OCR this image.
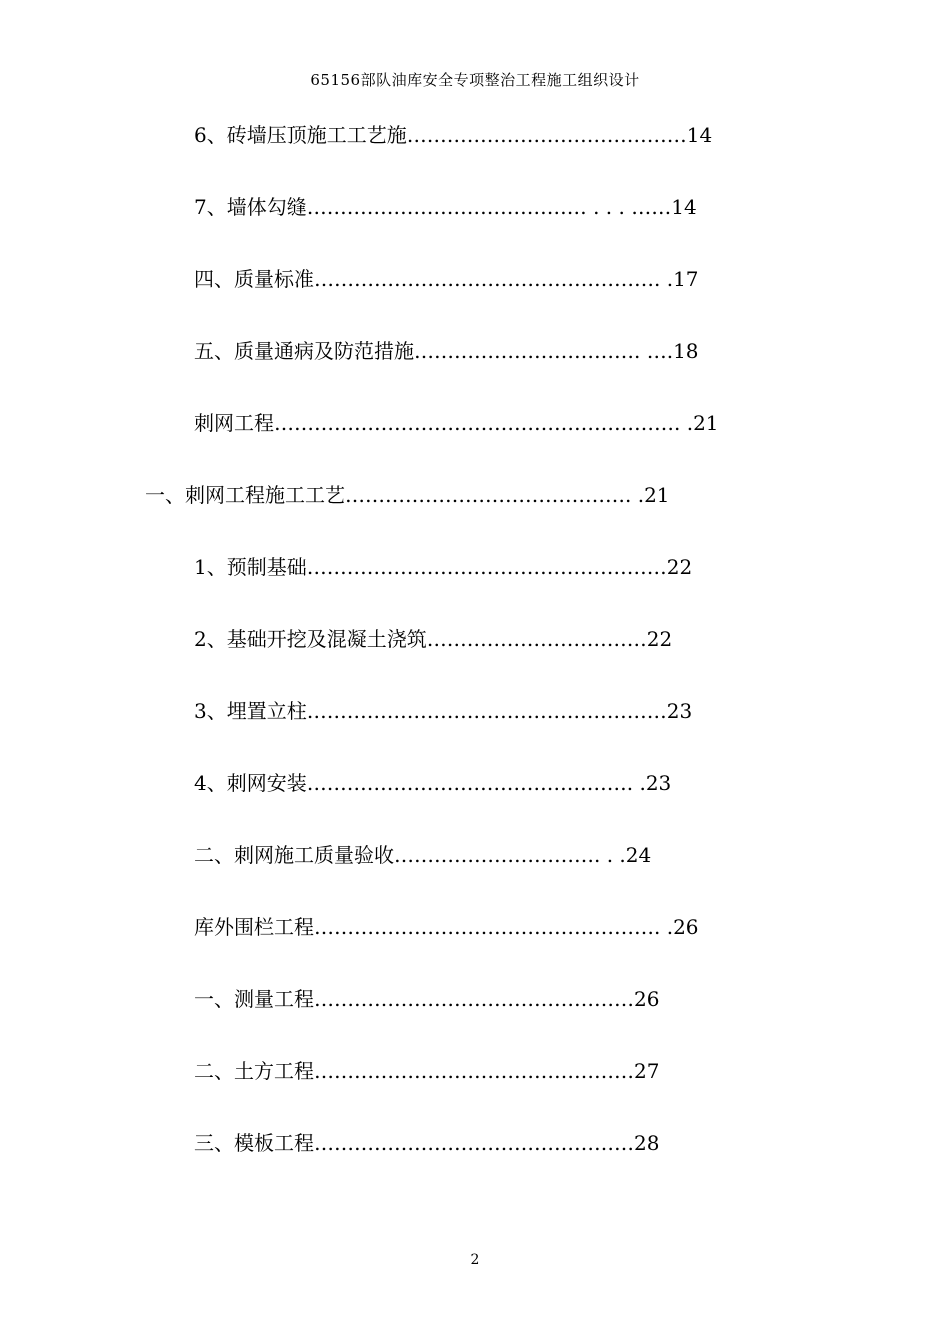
65156部队油库安全专项整治工程施工组织设计
6、砖墙压顶施工工艺施 …………………………………… 14
7、墙体勾缝 …………………………………… . . . …… 14
四、质量标准 ……………………………………………. . 17
五、质量通病及防范措施 ……………………………. …. 18
刺网工程 ……………………………………………………. . 21
一、刺网工程施工工艺 ……………………………………. . 21
1、预制基础 ……………………………………………… 22
2、基础开挖及混凝土浇筑 …………………………… 22
3、埋置立柱 ……………………………………………… 23
4、刺网安装 …………………………………………. . 23
二、刺网施工质量验收 …………………………. . . 24
库外围栏工程 ……………………………………………. . 26
一、测量工程 ………………………………………… 26
二、土方工程 ………………………………………… 27
三、模板工程 ………………………………………… 28
2
